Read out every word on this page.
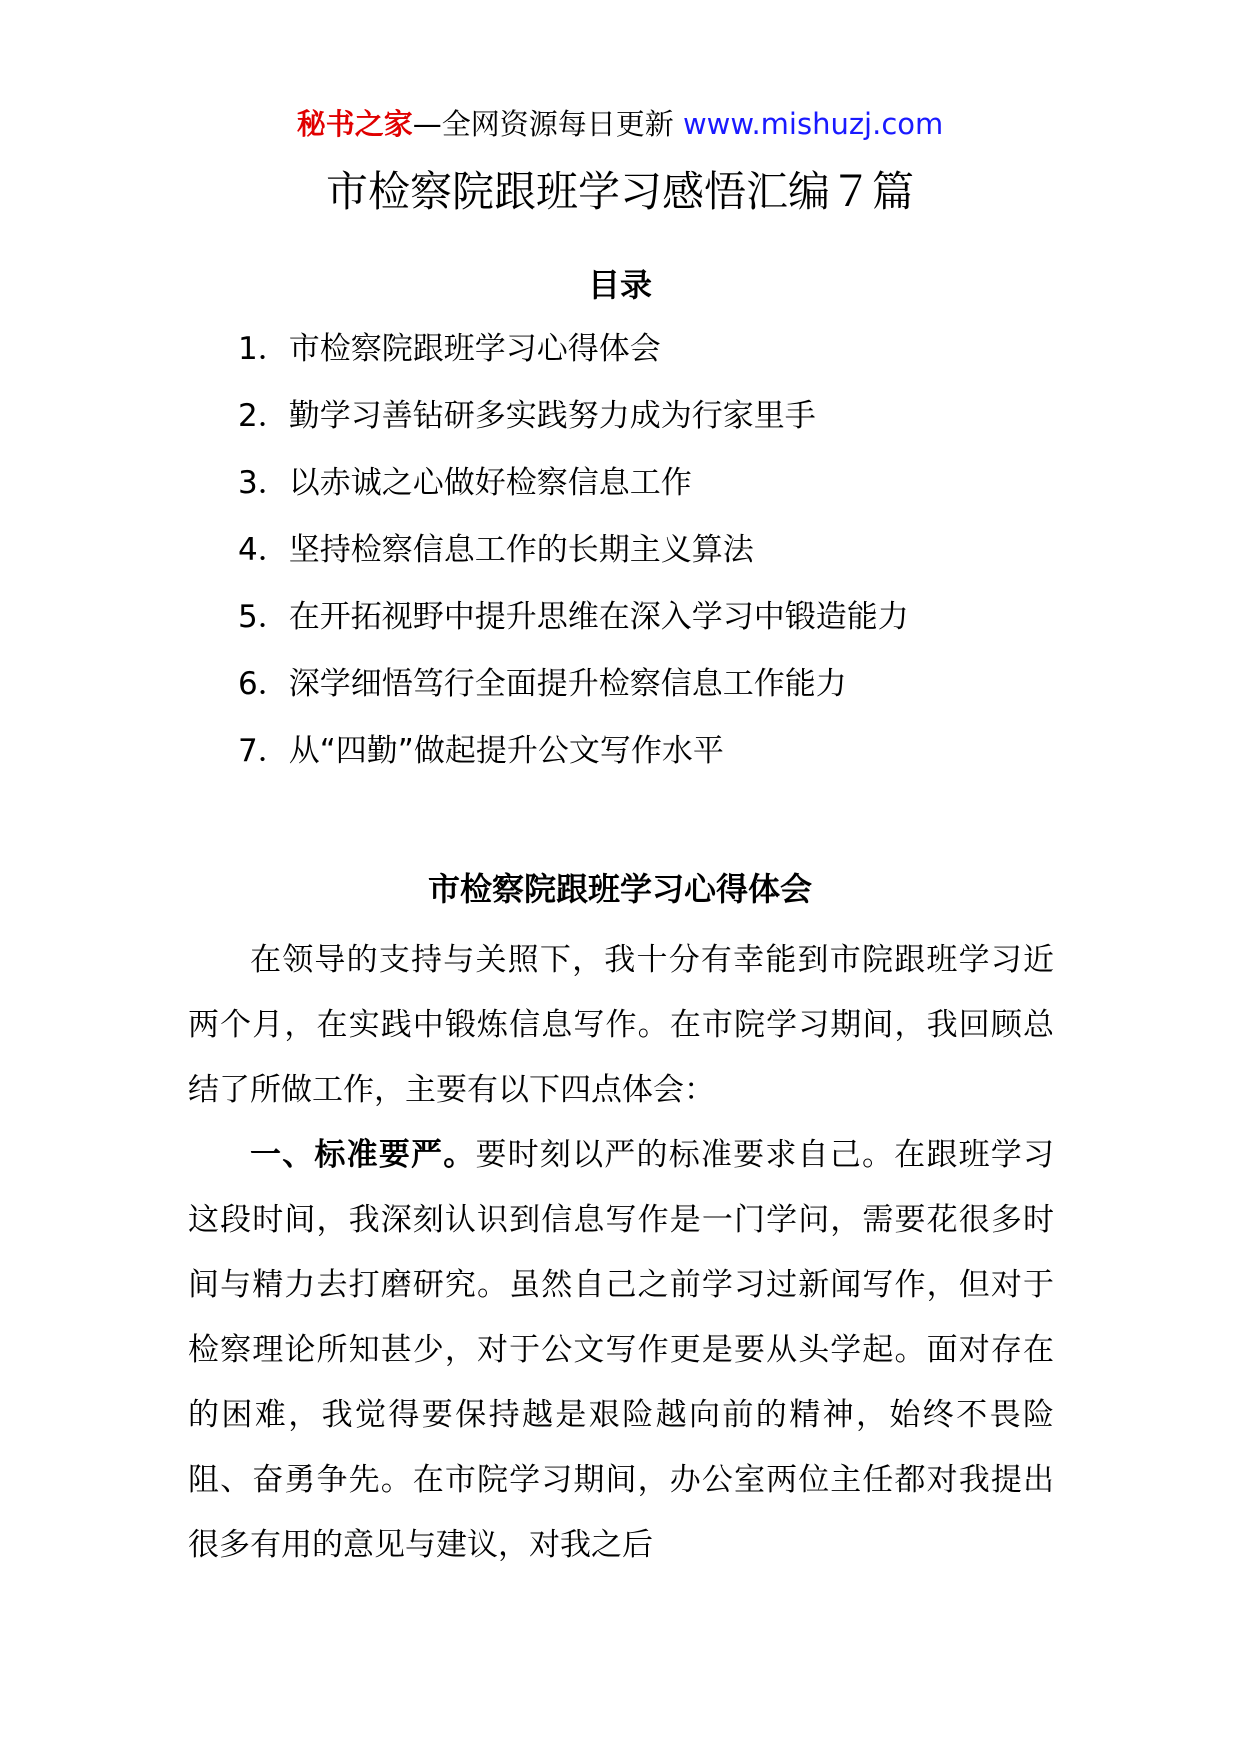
秘书之家—全网资源每日更新 www.mishuzj.com
市检察院跟班学习感悟汇编７篇
目录
1．市检察院跟班学习心得体会
2．勤学习善钻研多实践努力成为行家里手
3．以赤诚之心做好检察信息工作
4．坚持检察信息工作的长期主义算法
5．在开拓视野中提升思维在深入学习中锻造能力
6．深学细悟笃行全面提升检察信息工作能力
7．从“四勤”做起提升公文写作水平
市检察院跟班学习心得体会

在领导的支持与关照下，我十分有幸能到市院跟班学习近两个月，在实践中锻炼信息写作。在市院学习期间，我回顾总结了所做工作，主要有以下四点体会：

一、标准要严。要时刻以严的标准要求自己。在跟班学习这段时间，我深刻认识到信息写作是一门学问，需要花很多时间与精力去打磨研究。虽然自己之前学习过新闻写作，但对于检察理论所知甚少，对于公文写作更是要从头学起。面对存在的困难，我觉得要保持越是艰险越向前的精神，始终不畏险阻、奋勇争先。在市院学习期间，办公室两位主任都对我提出很多有用的意见与建议，对我之后
